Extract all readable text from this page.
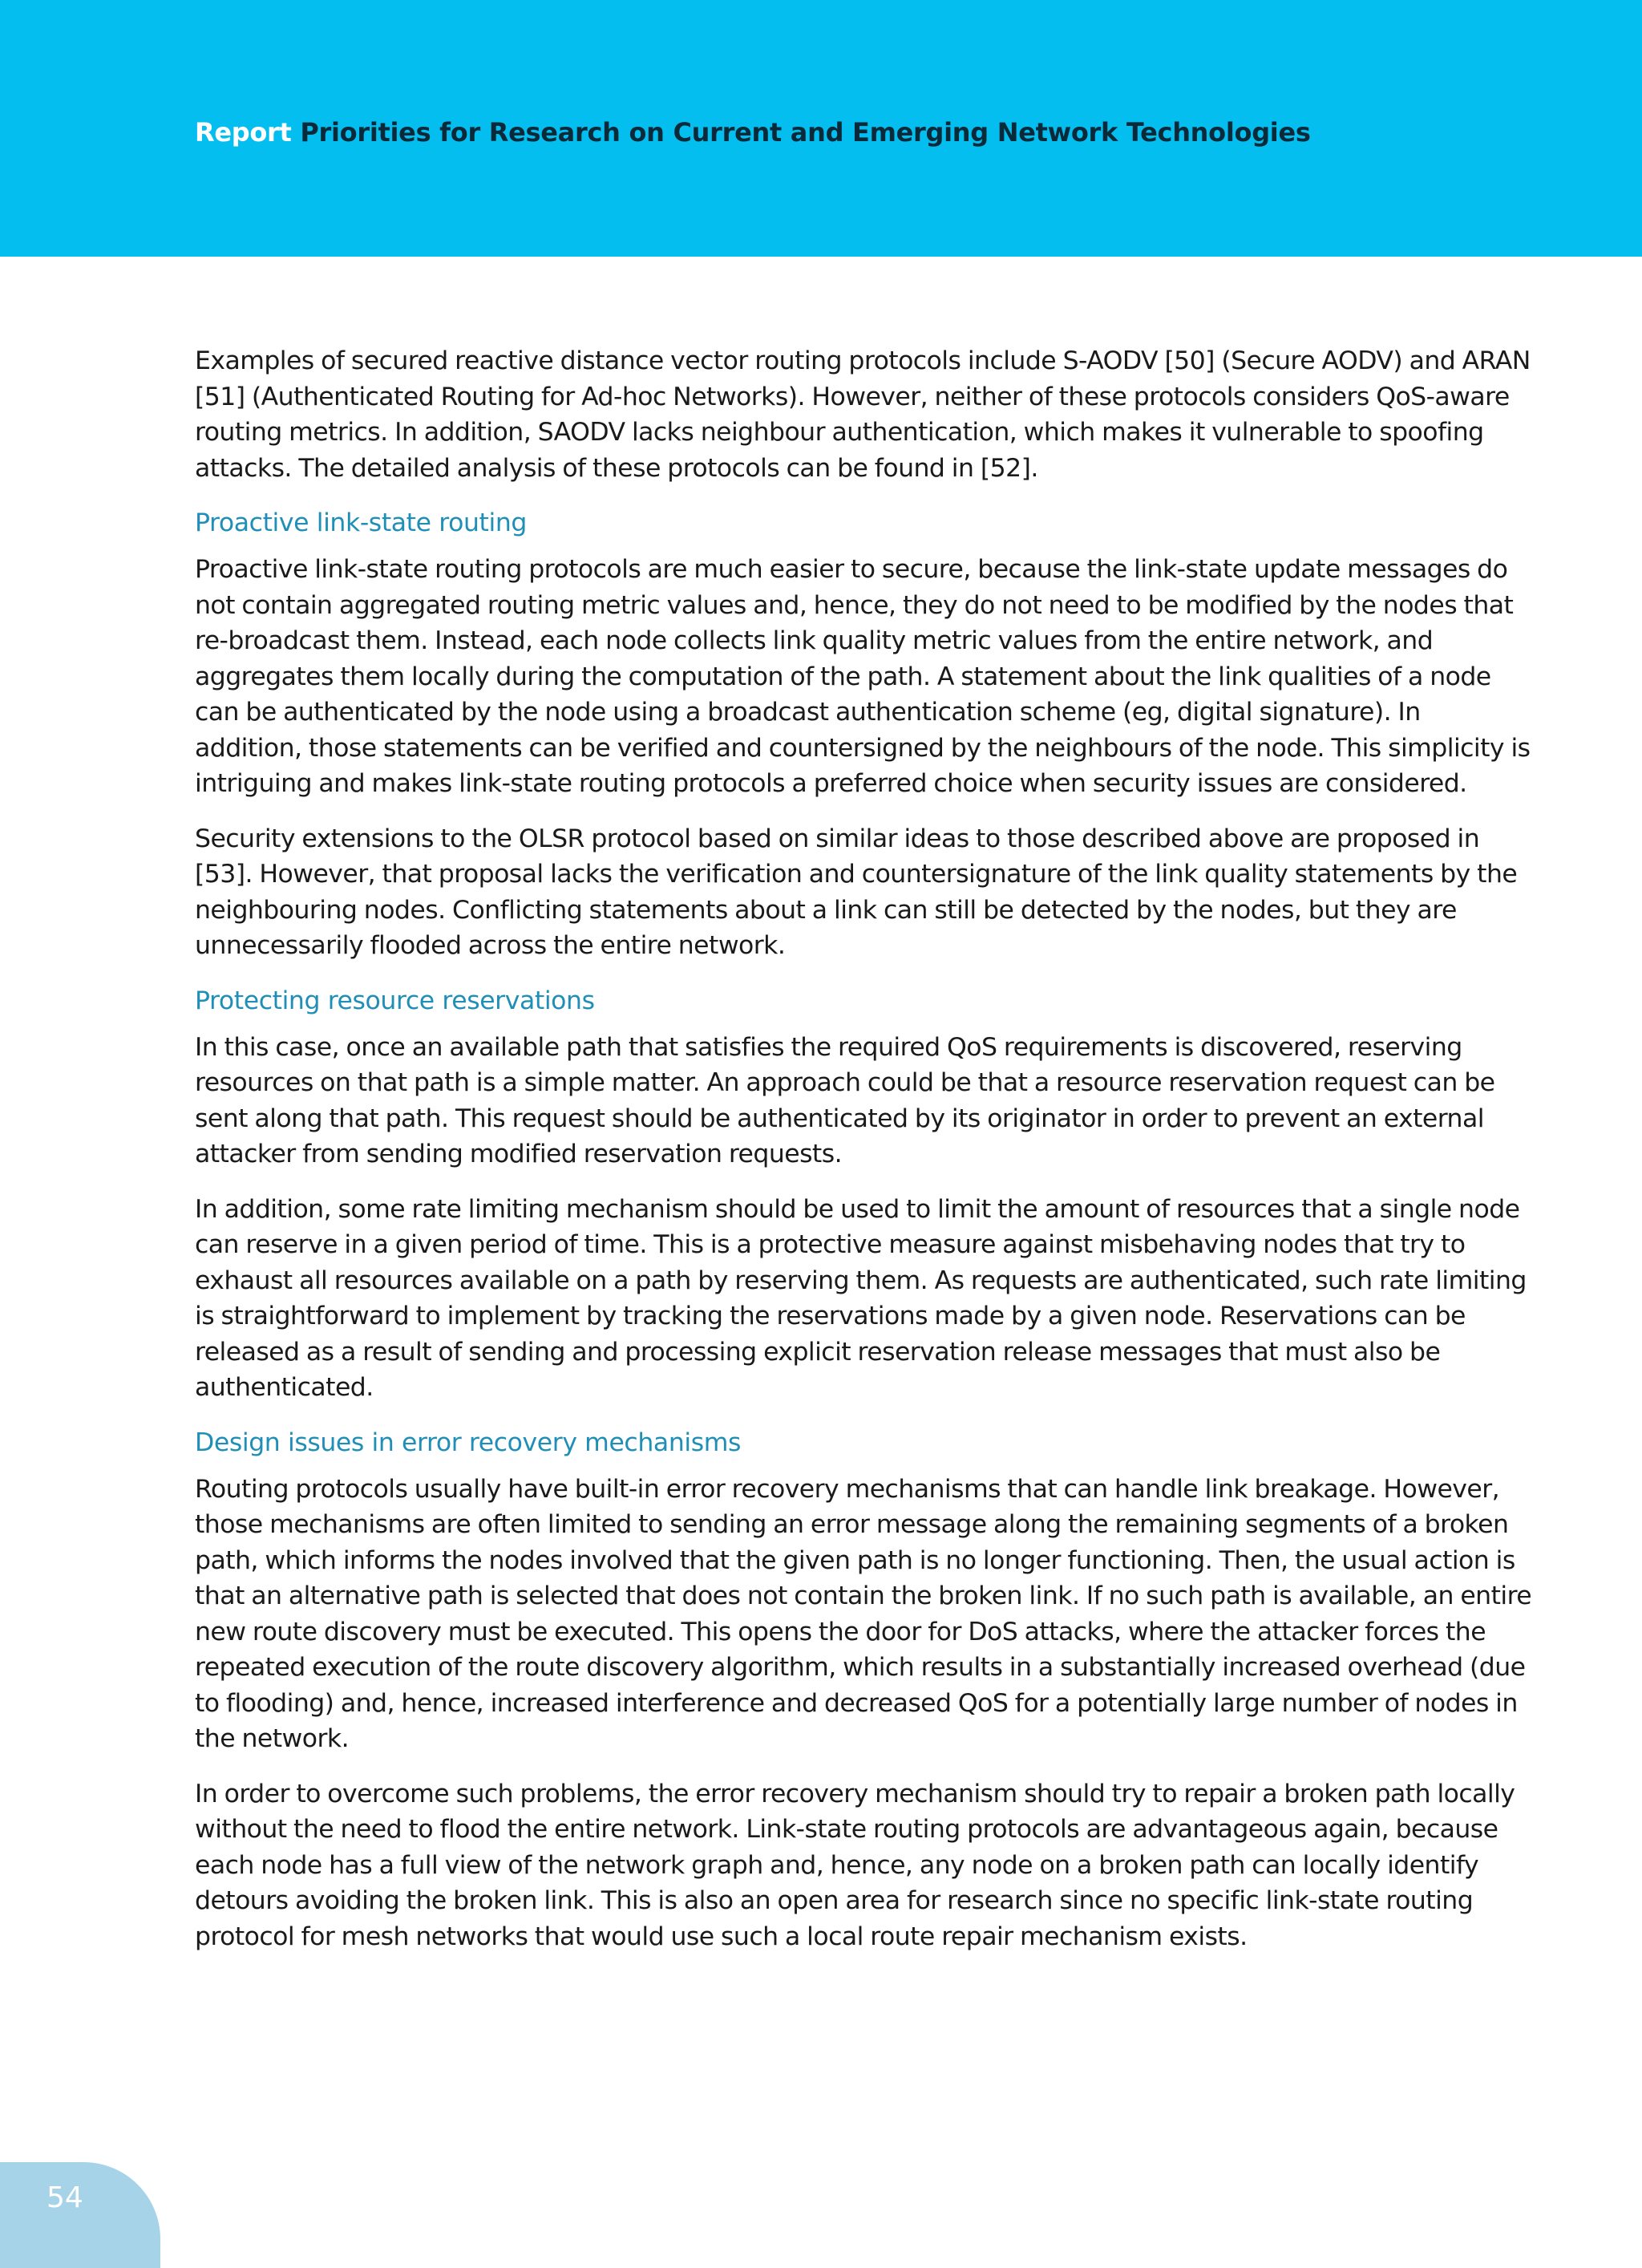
Report Priorities for Research on Current and Emerging Network Technologies

Examples of secured reactive distance vector routing protocols include S-AODV [50] (Secure AODV) and ARAN [51] (Authenticated Routing for Ad-hoc Networks). However, neither of these protocols considers QoS-aware routing metrics. In addition, SAODV lacks neighbour authentication, which makes it vulnerable to spoofing attacks. The detailed analysis of these protocols can be found in [52].

Proactive link-state routing

Proactive link-state routing protocols are much easier to secure, because the link-state update messages do not contain aggregated routing metric values and, hence, they do not need to be modified by the nodes that re-broadcast them. Instead, each node collects link quality metric values from the entire network, and aggregates them locally during the computation of the path. A statement about the link qualities of a node can be authenticated by the node using a broadcast authentication scheme (eg, digital signature). In addition, those statements can be verified and countersigned by the neighbours of the node. This simplicity is intriguing and makes link-state routing protocols a preferred choice when security issues are considered.

Security extensions to the OLSR protocol based on similar ideas to those described above are proposed in [53]. However, that proposal lacks the verification and countersignature of the link quality statements by the neighbouring nodes. Conflicting statements about a link can still be detected by the nodes, but they are unnecessarily flooded across the entire network.

Protecting resource reservations

In this case, once an available path that satisfies the required QoS requirements is discovered, reserving resources on that path is a simple matter. An approach could be that a resource reservation request can be sent along that path. This request should be authenticated by its originator in order to prevent an external attacker from sending modified reservation requests.

In addition, some rate limiting mechanism should be used to limit the amount of resources that a single node can reserve in a given period of time. This is a protective measure against misbehaving nodes that try to exhaust all resources available on a path by reserving them. As requests are authenticated, such rate limiting is straightforward to implement by tracking the reservations made by a given node. Reservations can be released as a result of sending and processing explicit reservation release messages that must also be authenticated.

Design issues in error recovery mechanisms

Routing protocols usually have built-in error recovery mechanisms that can handle link breakage. However, those mechanisms are often limited to sending an error message along the remaining segments of a broken path, which informs the nodes involved that the given path is no longer functioning. Then, the usual action is that an alternative path is selected that does not contain the broken link. If no such path is available, an entire new route discovery must be executed. This opens the door for DoS attacks, where the attacker forces the repeated execution of the route discovery algorithm, which results in a substantially increased overhead (due to flooding) and, hence, increased interference and decreased QoS for a potentially large number of nodes in the network.

In order to overcome such problems, the error recovery mechanism should try to repair a broken path locally without the need to flood the entire network. Link-state routing protocols are advantageous again, because each node has a full view of the network graph and, hence, any node on a broken path can locally identify detours avoiding the broken link. This is also an open area for research since no specific link-state routing protocol for mesh networks that would use such a local route repair mechanism exists.

54
